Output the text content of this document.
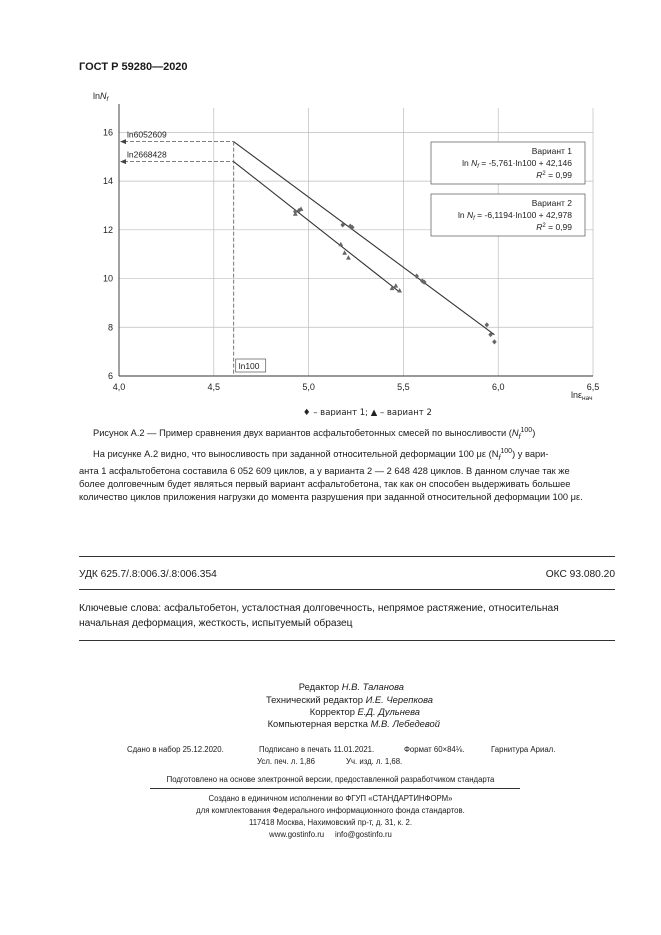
ГОСТ Р 59280—2020
4,0	4,5	5,0	5,5	6,0	6,5
6
8
10
12
14
16
lnN$_f$
lnε$_{нач}$
ln100
ln6052609
ln2668428	Вариант 1
$\ln N_f = -5,761\cdot\ln 100 + 42,146$
$R^2 = 0,99$
Вариант 2
$\ln N_f = -6,1194\cdot\ln 100 + 42,978$
$R^2 = 0,99$
♦ – вариант 1; ▲ – вариант 2
Рисунок А.2 — Пример сравнения двух вариантов асфальтобетонных смесей по выносливости $(N_f^{100})$
На рисунке А.2 видно, что выносливость при заданной относительной деформации 100 με $(N_f^{100})$ у вари-
анта 1 асфальтобетона составила 6 052 609 циклов, а у варианта 2 — 2 648 428 циклов. В данном случае так же
более долговечным будет являться первый вариант асфальтобетона, так как он способен выдерживать большее
количество циклов приложения нагрузки до момента разрушения при заданной относительной деформации 100 με.
УДК 625.7/.8:006.3/.8:006.354	ОКС 93.080.20
Ключевые слова: асфальтобетон, усталостная долговечность, непрямое растяжение, относительная
начальная деформация, жесткость, испытуемый образец
Редактор Н.В. Таланова
Технический редактор И.Е. Черепкова
Корректор Е.Д. Дульнева
Компьютерная верстка М.В. Лебедевой
Сдано в набор 25.12.2020.	Подписано в печать 11.01.2021.	Формат 60×84⅛.	Гарнитура Ариал.
Усл. печ. л. 1,86	Уч. изд. л. 1,68.
Подготовлено на основе электронной версии, предоставленной разработчиком стандарта
Создано в единичном исполнении во ФГУП «СТАНДАРТИНФОРМ»
для комплектования Федерального информационного фонда стандартов.
117418 Москва, Нахимовский пр-т, д. 31, к. 2.
www.gostinfo.ru info@gostinfo.ru
